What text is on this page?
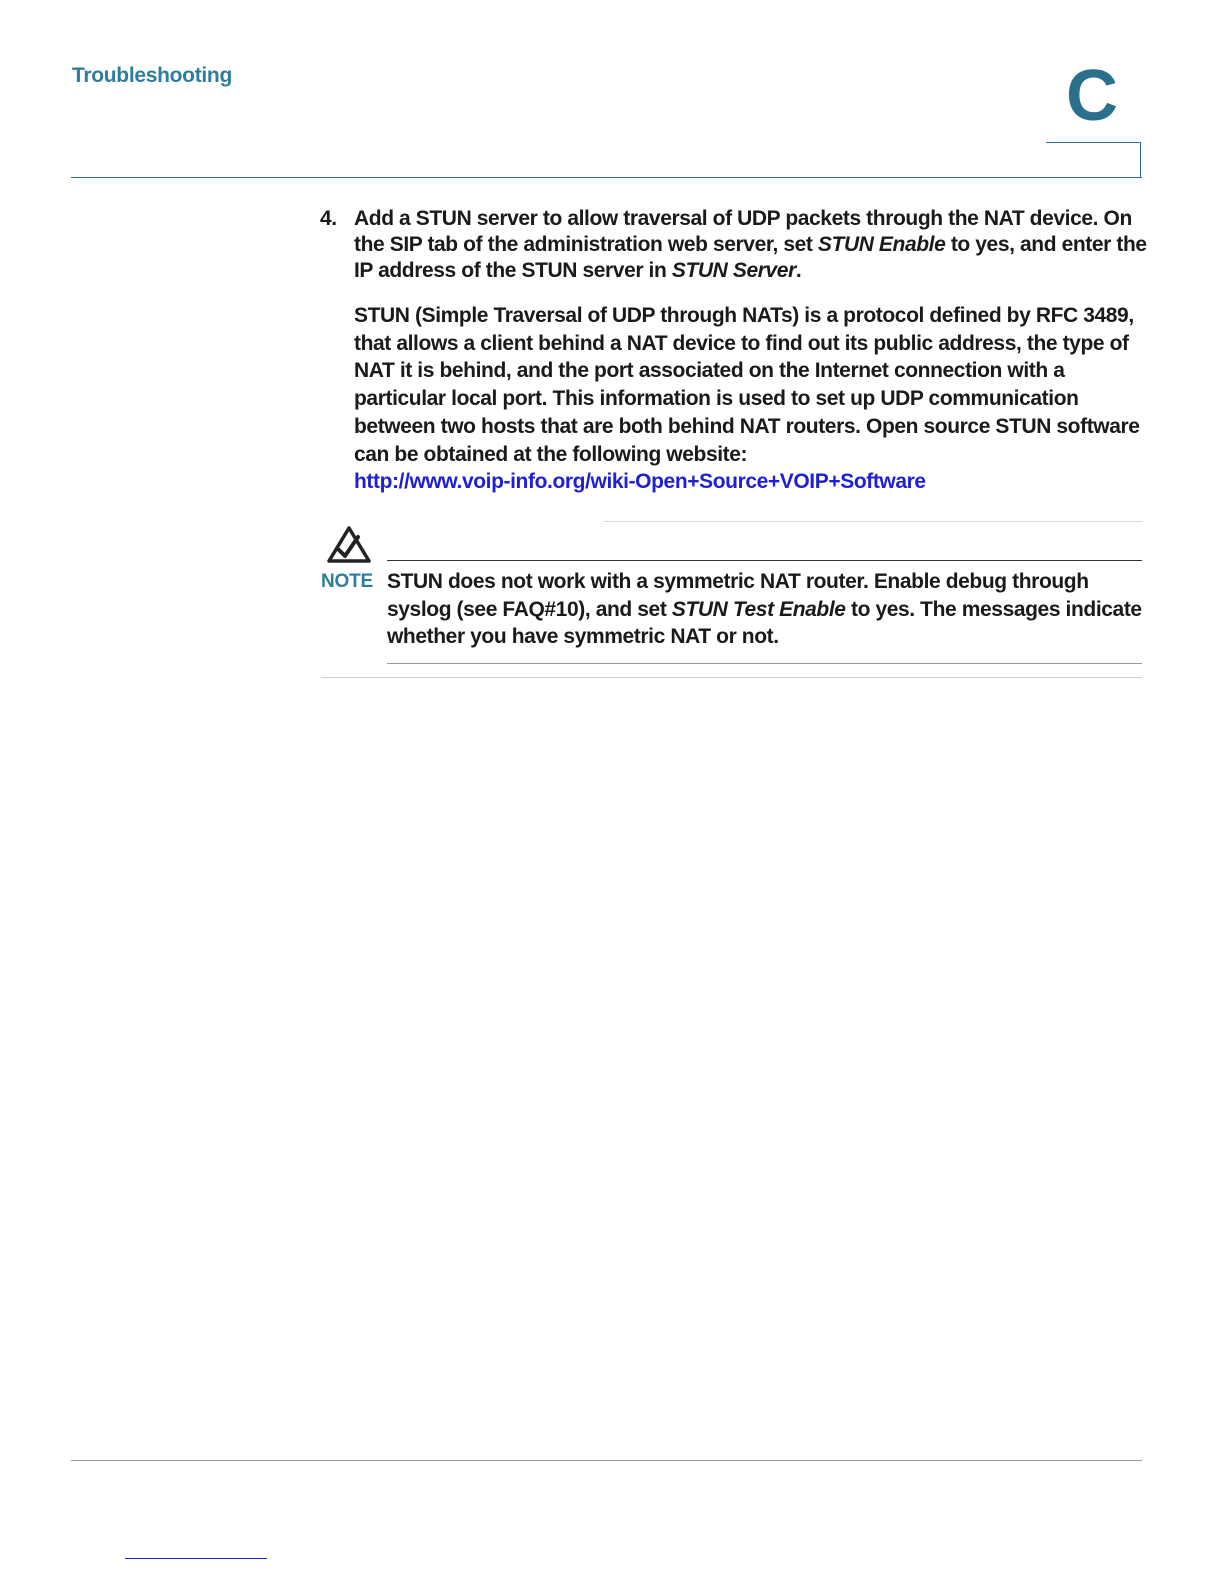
Troubleshooting	C
4. Add a STUN server to allow traversal of UDP packets through the NAT device. On the SIP tab of the administration web server, set STUN Enable to yes, and enter the IP address of the STUN server in STUN Server.
STUN (Simple Traversal of UDP through NATs) is a protocol defined by RFC 3489, that allows a client behind a NAT device to find out its public address, the type of NAT it is behind, and the port associated on the Internet connection with a particular local port. This information is used to set up UDP communication between two hosts that are both behind NAT routers. Open source STUN software can be obtained at the following website:
http://www.voip-info.org/wiki-Open+Source+VOIP+Software
NOTE STUN does not work with a symmetric NAT router. Enable debug through syslog (see FAQ#10), and set STUN Test Enable to yes. The messages indicate whether you have symmetric NAT or not.
